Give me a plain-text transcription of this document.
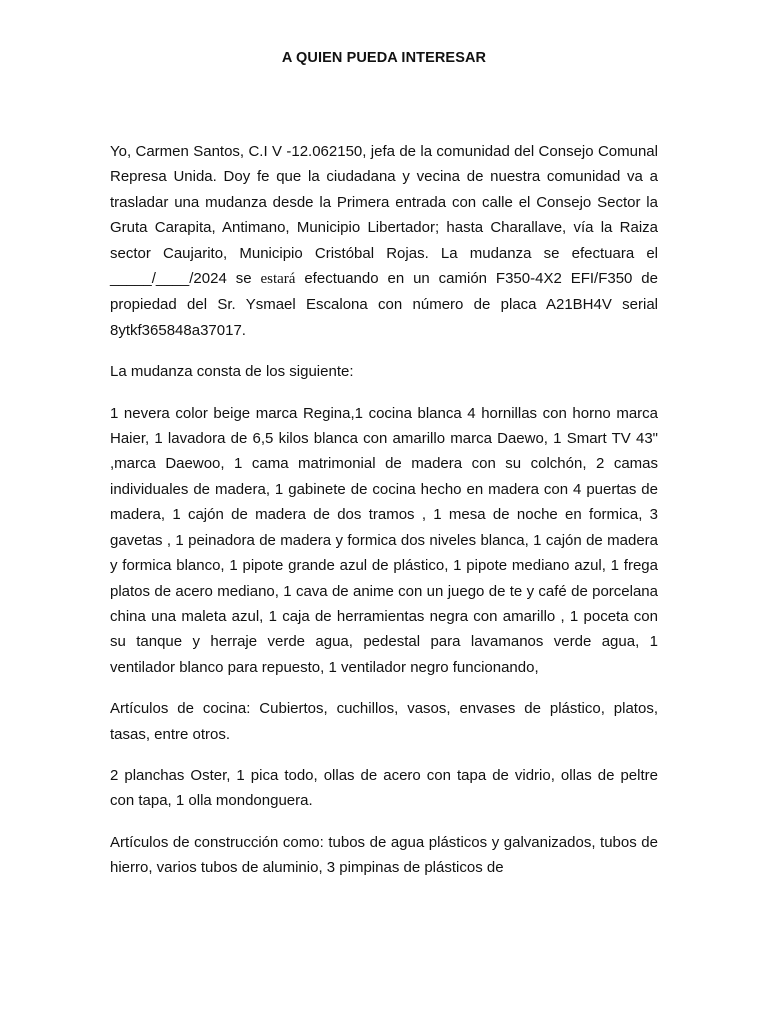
A QUIEN PUEDA INTERESAR

Yo, Carmen Santos, C.I V -12.062150, jefa de la comunidad del Consejo Comunal Represa Unida. Doy fe que la ciudadana y vecina de nuestra comunidad va a trasladar una mudanza desde la Primera entrada con calle el Consejo Sector la Gruta Carapita, Antimano, Municipio Libertador; hasta Charallave, vía la Raiza sector Caujarito, Municipio Cristóbal Rojas. La mudanza se efectuara el _____/____/2024 se estará efectuando en un camión F350-4X2 EFI/F350 de propiedad del Sr. Ysmael Escalona con número de placa A21BH4V serial 8ytkf365848a37017.

La mudanza consta de los siguiente:

1 nevera color beige marca Regina,1 cocina blanca 4 hornillas con horno marca Haier, 1 lavadora de 6,5 kilos blanca con amarillo marca Daewo, 1 Smart TV 43" ,marca Daewoo, 1 cama matrimonial de madera con su colchón, 2 camas individuales de madera, 1 gabinete de cocina hecho en madera con 4 puertas de madera, 1 cajón de madera de dos tramos , 1 mesa de noche en formica, 3 gavetas , 1 peinadora de madera y formica dos niveles blanca, 1 cajón de madera y formica blanco, 1 pipote grande azul de plástico, 1 pipote mediano azul, 1 frega platos de acero mediano, 1 cava de anime con un juego de te y café de porcelana china una maleta azul, 1 caja de herramientas negra con amarillo , 1 poceta con su tanque y herraje verde agua, pedestal para lavamanos verde agua, 1 ventilador blanco para repuesto, 1 ventilador negro funcionando,

Artículos de cocina: Cubiertos, cuchillos, vasos, envases de plástico, platos, tasas, entre otros.

2 planchas Oster, 1 pica todo, ollas de acero con tapa de vidrio, ollas de peltre con tapa, 1 olla mondonguera.

Artículos de construcción como: tubos de agua plásticos y galvanizados, tubos de hierro, varios tubos de aluminio, 3 pimpinas de plásticos de
